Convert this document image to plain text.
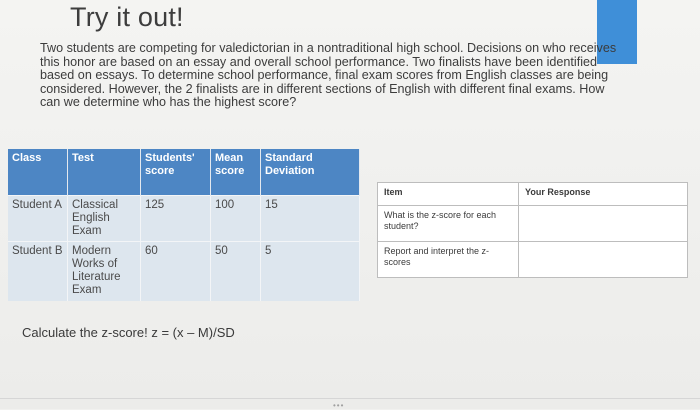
Try it out!
Two students are competing for valedictorian in a nontraditional high school. Decisions on who receives this honor are based on an essay and overall school performance. Two finalists have been identified based on essays. To determine school performance, final exam scores from English classes are being considered. However, the 2 finalists are in different sections of English with different final exams. How can we determine who has the highest score?
Class	Test	Students' score	Mean score	Standard Deviation
Student A	Classical English Exam	125	100	15
Student B	Modern Works of Literature Exam	60	50	5
Item	Your Response
What is the z-score for each student?	
Report and interpret the z-scores	
Calculate the z-score! z = (x – M)/SD
•••
